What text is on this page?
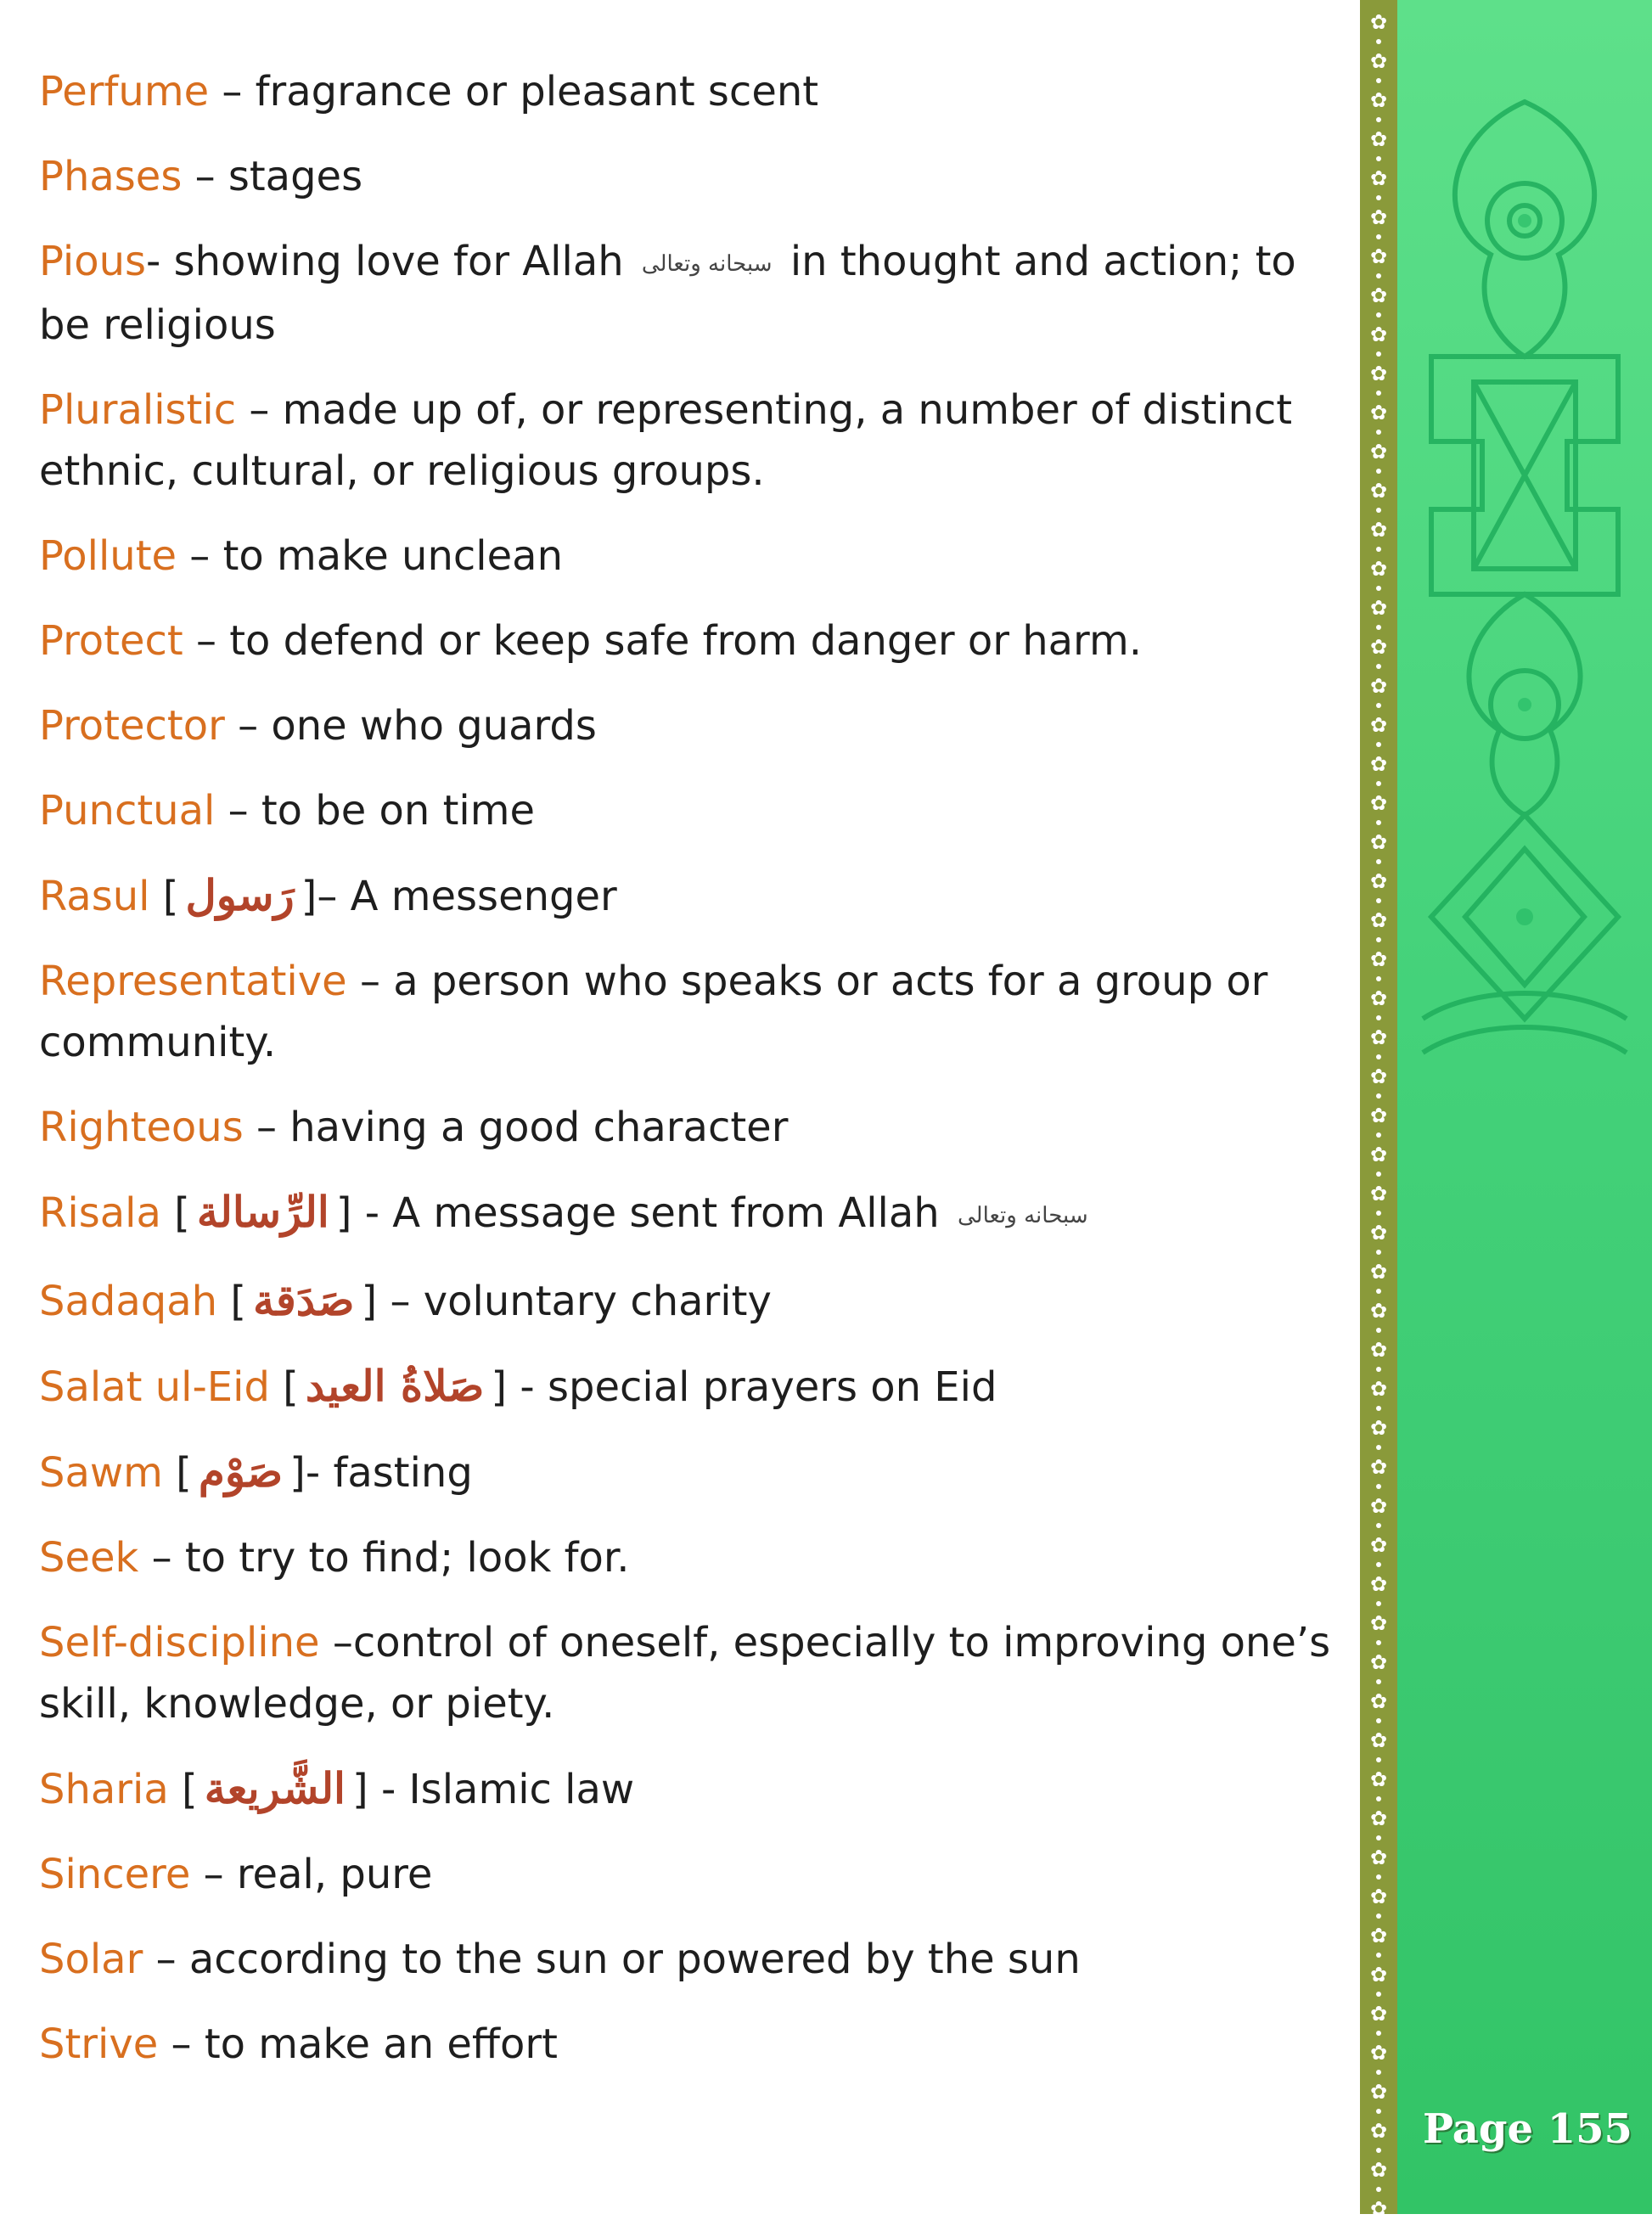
Perfume – fragrance or pleasant scent

Phases – stages

Pious- showing love for Allah سبحانه وتعالى in thought and action; to be religious

Pluralistic – made up of, or representing, a number of distinct ethnic, cultural, or religious groups.

Pollute – to make unclean

Protect – to defend or keep safe from danger or harm.

Protector – one who guards

Punctual – to be on time

Rasul [ رَسول ]– A messenger

Representative – a person who speaks or acts for a group or community.

Righteous – having a good character

Risala [ الرِّسالة ] - A message sent from Allah سبحانه وتعالى

Sadaqah [ صَدَقة ] – voluntary charity

Salat ul-Eid [ صَلاةُ العيد ] - special prayers on Eid

Sawm [ صَوْم ]- fasting

Seek – to try to find; look for.

Self-discipline –control of oneself, especially to improving one’s skill, knowledge, or piety.

Sharia [ الشَّريعة ] - Islamic law

Sincere – real, pure

Solar – according to the sun or powered by the sun

Strive – to make an effort

✿
✿
✿
✿
✿
✿
✿
✿
✿
✿
✿
✿
✿
✿
✿
✿
✿
✿
✿
✿
✿
✿
✿
✿
✿
✿
✿
✿
✿
✿
✿
✿
✿
✿
✿
✿
✿
✿
✿
✿
✿
✿
✿
✿
✿
✿
✿
✿
✿
✿
✿
✿
✿
✿
✿
✿
✿
Page 155
